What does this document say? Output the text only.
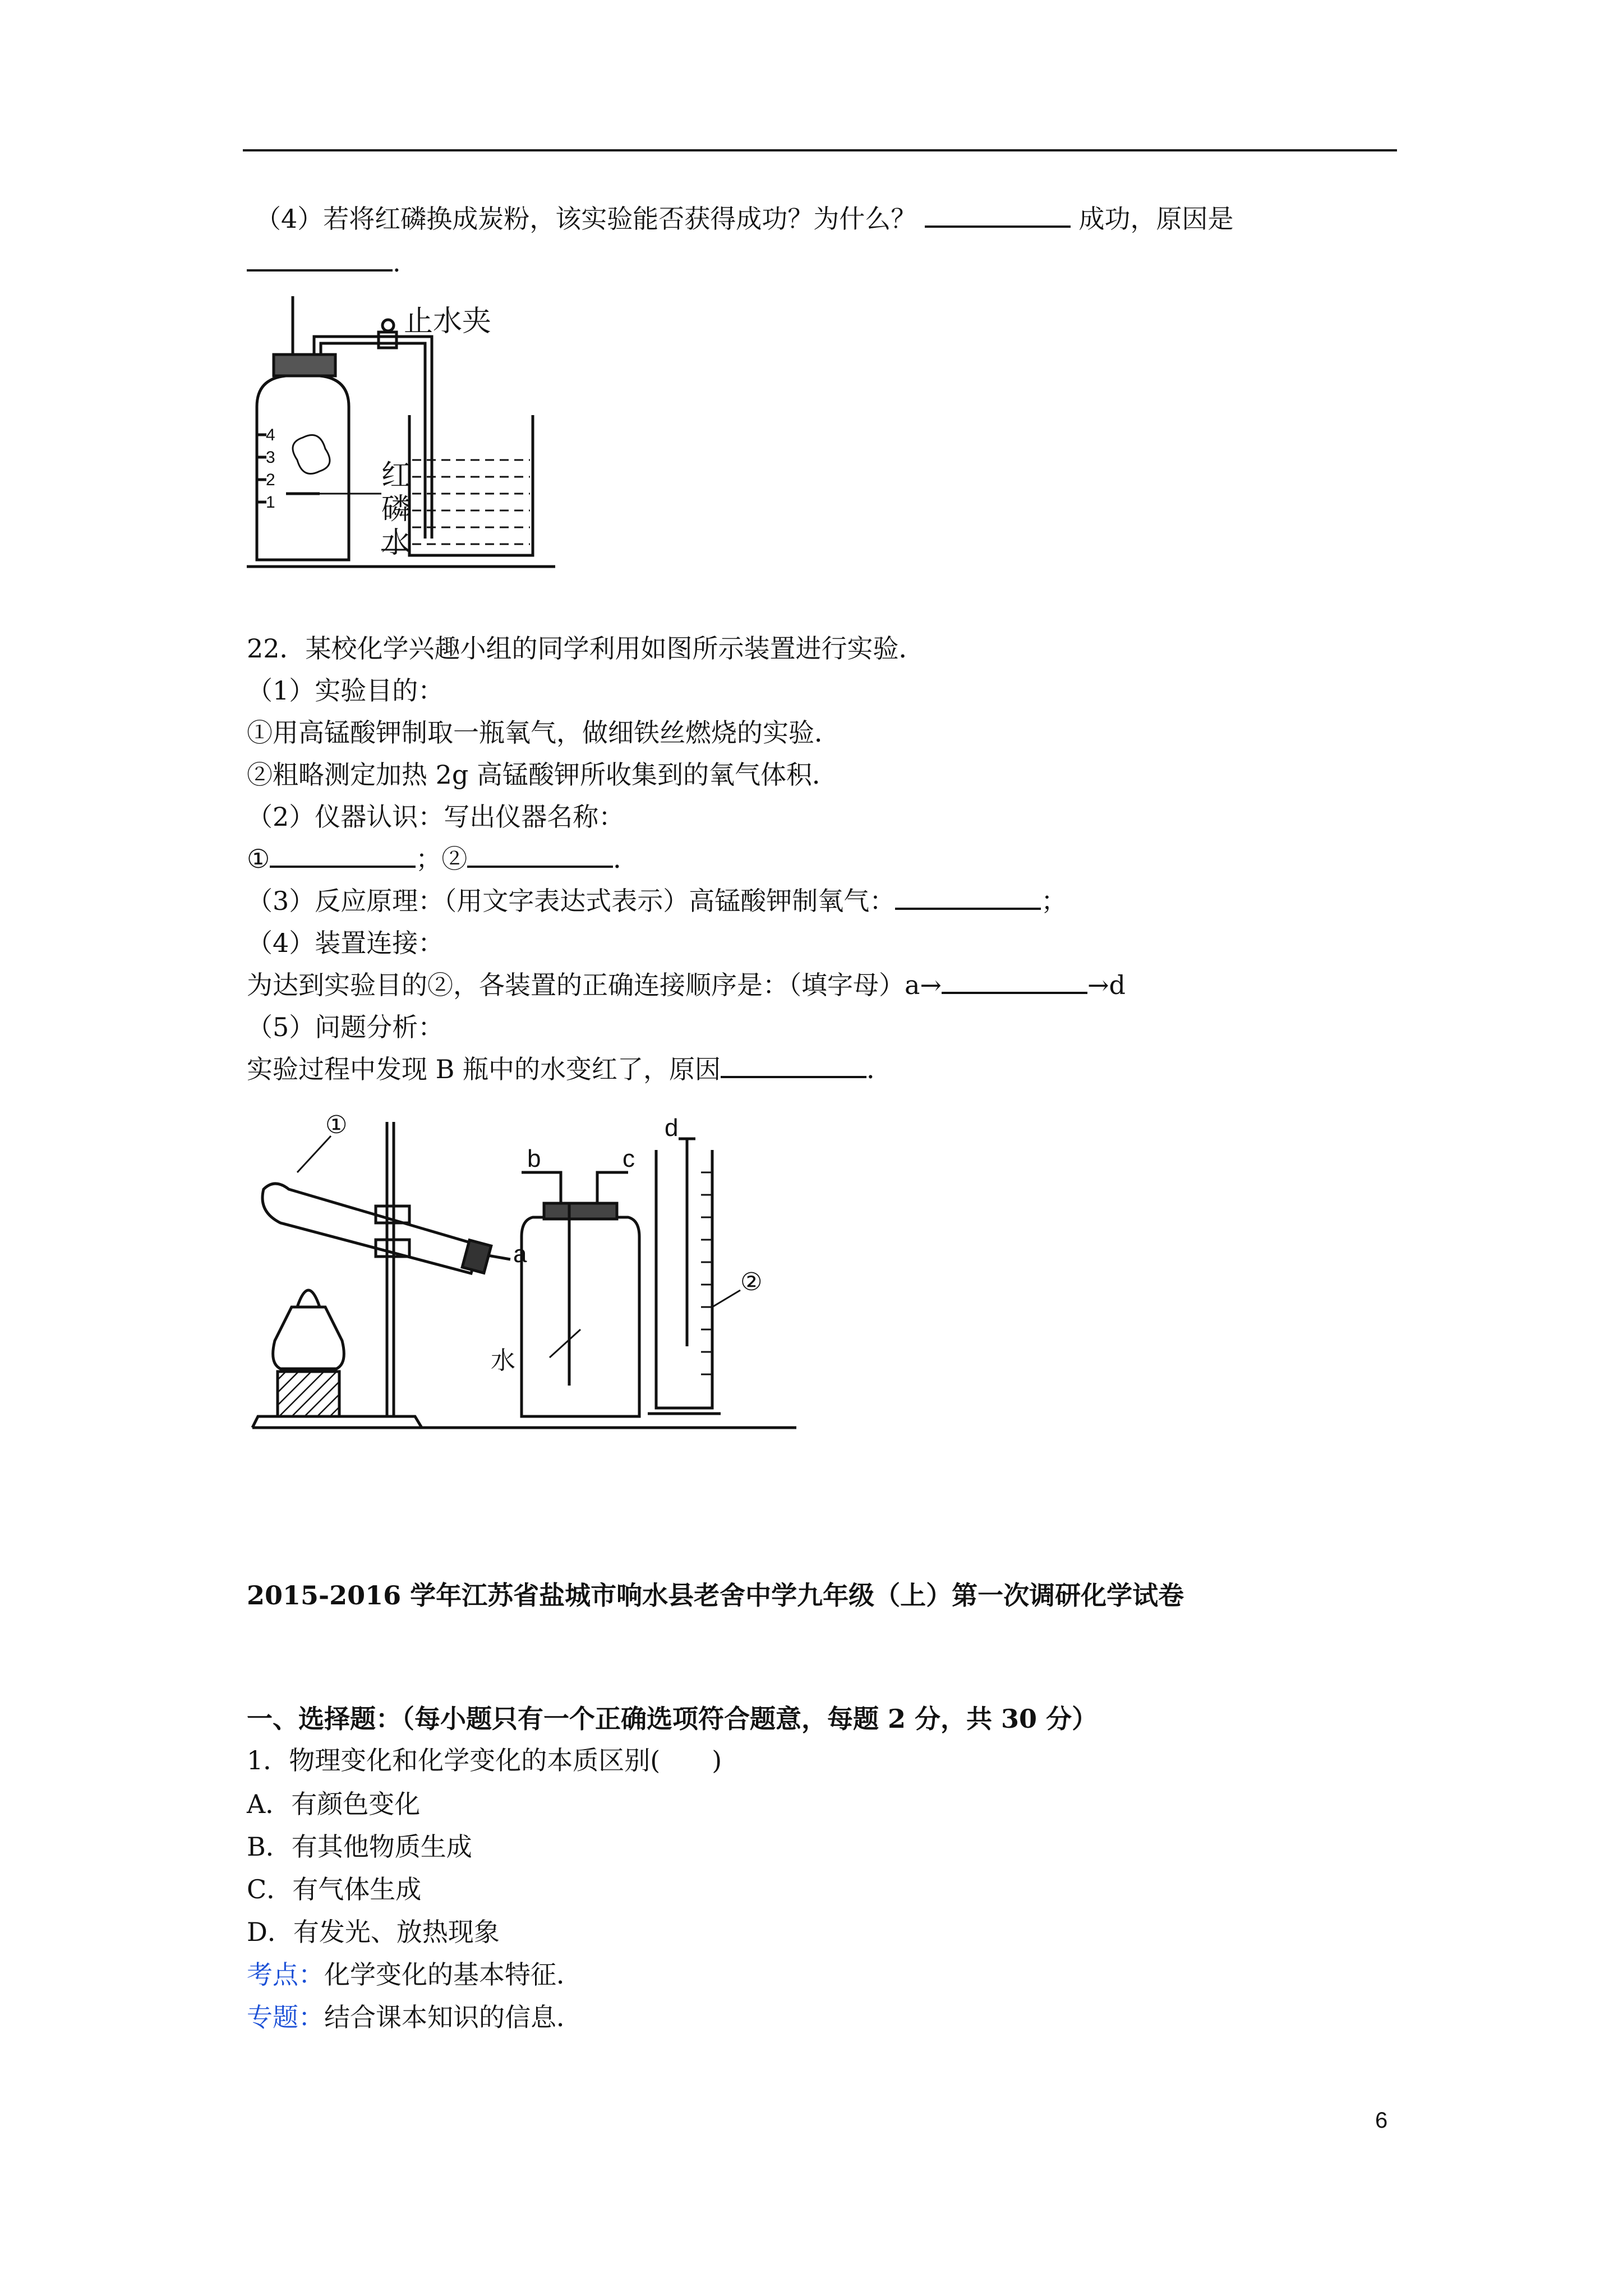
（4）若将红磷换成炭粉，该实验能否获得成功？为什么？	成功，原因是
.
4
3
2
1
止水夹
红
磷
水
22．某校化学兴趣小组的同学利用如图所示装置进行实验．
（1）实验目的：
①用高锰酸钾制取一瓶氧气，做细铁丝燃烧的实验．
②粗略测定加热 2g 高锰酸钾所收集到的氧气体积．
（2）仪器认识：写出仪器名称：
①	；②	．
（3）反应原理：（用文字表达式表示）高锰酸钾制氧气：	；
（4）装置连接：
为达到实验目的②，各装置的正确连接顺序是：（填字母）a→	→d
（5）问题分析：
实验过程中发现 B 瓶中的水变红了，原因	．
①
②
a
b	c
d
水
2015-2016 学年江苏省盐城市响水县老舍中学九年级（上）第一次调研化学试卷
一、选择题：（每小题只有一个正确选项符合题意，每题 2 分，共 30 分）
1．物理变化和化学变化的本质区别(　　)
A．有颜色变化
B．有其他物质生成
C．有气体生成
D．有发光、放热现象
考点：化学变化的基本特征．
专题：结合课本知识的信息．
6
